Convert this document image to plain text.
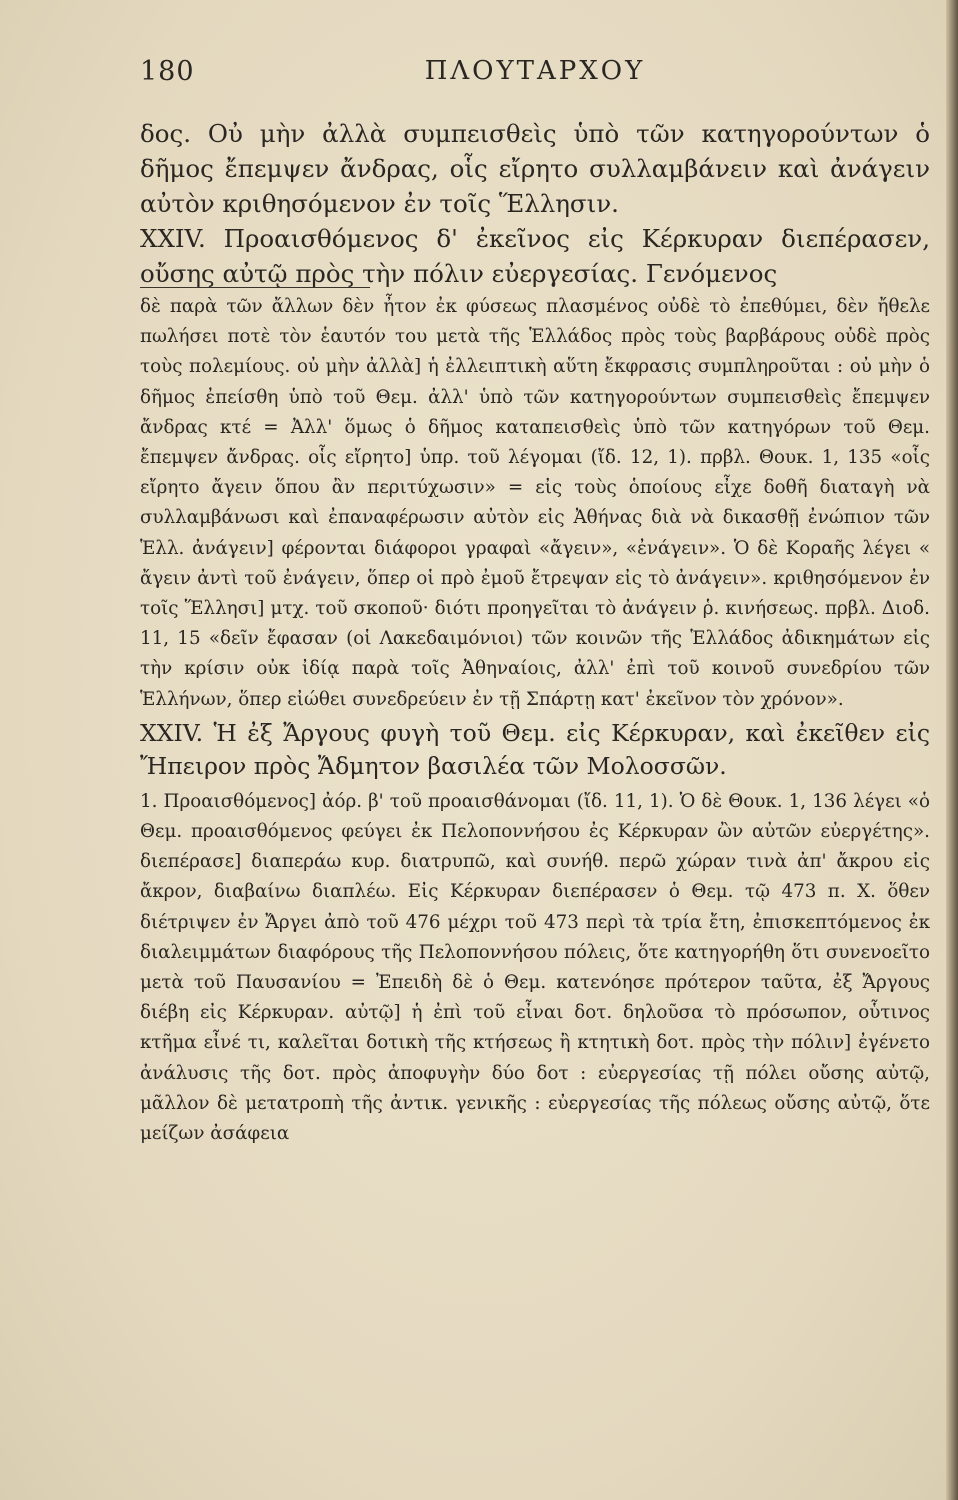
180	ΠΛΟΥΤΑΡΧΟΥ

δος. Οὐ μὴν ἀλλὰ συμπεισθεὶς ὑπὸ τῶν κατηγορούντων ὁ δῆμος ἔπεμψεν ἄνδρας, οἷς εἴρητο συλλαμβάνειν καὶ ἀνάγειν αὐτὸν κριθησόμενον ἐν τοῖς Ἕλλησιν.

XXIV. Προαισθόμενος δ' ἐκεῖνος εἰς Κέρκυραν διεπέρασεν, οὔσης αὐτῷ πρὸς τὴν πόλιν εὐεργεσίας. Γενόμενος

δὲ παρὰ τῶν ἄλλων δὲν ἦτον ἐκ φύσεως πλασμένος οὐδὲ τὸ ἐπεθύμει, δὲν ἤθελε πωλήσει ποτὲ τὸν ἑαυτόν του μετὰ τῆς Ἑλλάδος πρὸς τοὺς βαρβάρους οὐδὲ πρὸς τοὺς πολεμίους. οὐ μὴν ἀλλὰ] ἡ ἐλλειπτικὴ αὕτη ἔκφρασις συμπληροῦται : οὐ μὴν ὁ δῆμος ἐπείσθη ὑπὸ τοῦ Θεμ. ἀλλ' ὑπὸ τῶν κατηγορούντων συμπεισθεὶς ἔπεμψεν ἄνδρας κτέ = Ἀλλ' ὅμως ὁ δῆμος καταπεισθεὶς ὑπὸ τῶν κατηγόρων τοῦ Θεμ. ἔπεμψεν ἄνδρας. οἷς εἴρητο] ὑπρ. τοῦ λέγομαι (ἴδ. 12, 1). πρβλ. Θουκ. 1, 135 «οἷς εἴρητο ἄγειν ὅπου ἂν περιτύχωσιν» = εἰς τοὺς ὁποίους εἶχε δοθῆ διαταγὴ νὰ συλλαμβάνωσι καὶ ἐπαναφέρωσιν αὐτὸν εἰς Ἀθήνας διὰ νὰ δικασθῇ ἐνώπιον τῶν Ἑλλ. ἀνάγειν] φέρονται διάφοροι γραφαὶ «ἄγειν», «ἐνάγειν». Ὁ δὲ Κοραῆς λέγει « ἄγειν ἀντὶ τοῦ ἐνάγειν, ὅπερ οἱ πρὸ ἐμοῦ ἔτρεψαν εἰς τὸ ἀνάγειν». κριθησόμενον ἐν τοῖς Ἕλλησι] μτχ. τοῦ σκοποῦ· διότι προηγεῖται τὸ ἀνάγειν ῥ. κινήσεως. πρβλ. Διοδ. 11, 15 «δεῖν ἔφασαν (οἱ Λακεδαιμόνιοι) τῶν κοινῶν τῆς Ἑλλάδος ἀδικημάτων εἰς τὴν κρίσιν οὐκ ἰδίᾳ παρὰ τοῖς Ἀθηναίοις, ἀλλ' ἐπὶ τοῦ κοινοῦ συνεδρίου τῶν Ἑλλήνων, ὅπερ εἰώθει συνεδρεύειν ἐν τῇ Σπάρτῃ κατ' ἐκεῖνον τὸν χρόνον».

XXIV. Ἡ ἐξ Ἄργους φυγὴ τοῦ Θεμ. εἰς Κέρκυραν, καὶ ἐκεῖθεν εἰς Ἤπειρον πρὸς Ἄδμητον βασιλέα τῶν Μολοσσῶν.

1. Προαισθόμενος] ἀόρ. β' τοῦ προαισθάνομαι (ἴδ. 11, 1). Ὁ δὲ Θουκ. 1, 136 λέγει «ὁ Θεμ. προαισθόμενος φεύγει ἐκ Πελοποννήσου ἐς Κέρκυραν ὢν αὐτῶν εὐεργέτης». διεπέρασε] διαπεράω κυρ. διατρυπῶ, καὶ συνήθ. περῶ χώραν τινὰ ἀπ' ἄκρου εἰς ἄκρον, διαβαίνω διαπλέω. Εἰς Κέρκυραν διεπέρασεν ὁ Θεμ. τῷ 473 π. Χ. ὅθεν διέτριψεν ἐν Ἄργει ἀπὸ τοῦ 476 μέχρι τοῦ 473 περὶ τὰ τρία ἔτη, ἐπισκεπτόμενος ἐκ διαλειμμάτων διαφόρους τῆς Πελοποννήσου πόλεις, ὅτε κατηγορήθη ὅτι συνενοεῖτο μετὰ τοῦ Παυσανίου = Ἐπειδὴ δὲ ὁ Θεμ. κατενόησε πρότερον ταῦτα, ἐξ Ἄργους διέβη εἰς Κέρκυραν. αὐτῷ] ἡ ἐπὶ τοῦ εἶναι δοτ. δηλοῦσα τὸ πρόσωπον, οὗτινος κτῆμα εἶνέ τι, καλεῖται δοτικὴ τῆς κτήσεως ἢ κτητικὴ δοτ. πρὸς τὴν πόλιν] ἐγένετο ἀνάλυσις τῆς δοτ. πρὸς ἀποφυγὴν δύο δοτ : εὐεργεσίας τῇ πόλει οὔσης αὐτῷ, μᾶλλον δὲ μετατροπὴ τῆς ἀντικ. γενικῆς : εὐεργεσίας τῆς πόλεως οὔσης αὐτῷ, ὅτε μείζων ἀσάφεια
